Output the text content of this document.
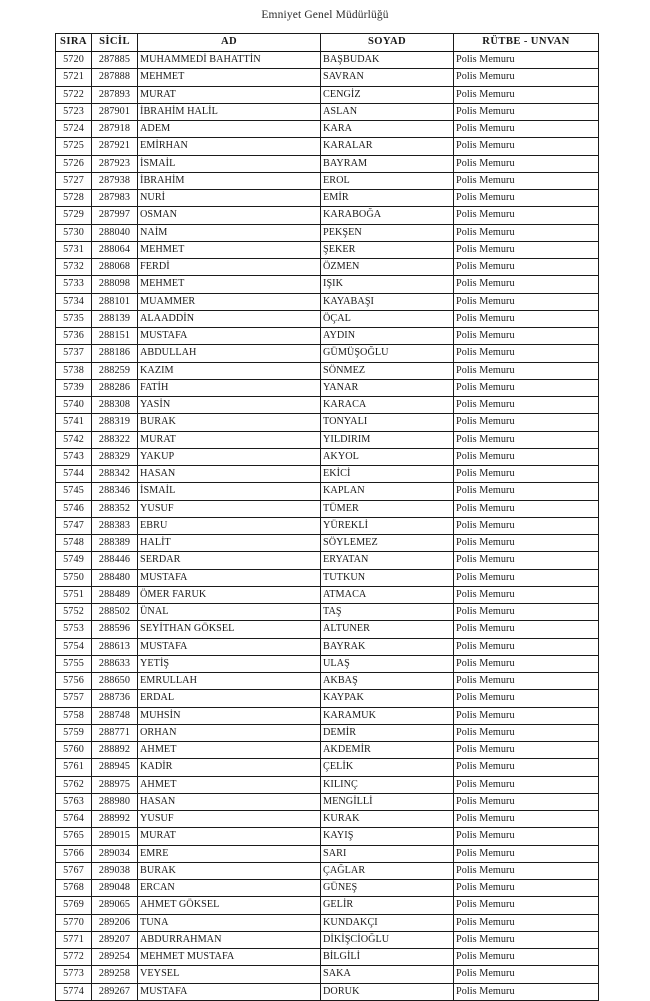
Emniyet Genel Müdürlüğü
SIRA	SİCİL	AD	SOYAD	RÜTBE - UNVAN
5720	287885	MUHAMMEDİ BAHATTİN	BAŞBUDAK	Polis Memuru
5721	287888	MEHMET	SAVRAN	Polis Memuru
5722	287893	MURAT	CENGİZ	Polis Memuru
5723	287901	İBRAHİM HALİL	ASLAN	Polis Memuru
5724	287918	ADEM	KARA	Polis Memuru
5725	287921	EMİRHAN	KARALAR	Polis Memuru
5726	287923	İSMAİL	BAYRAM	Polis Memuru
5727	287938	İBRAHİM	EROL	Polis Memuru
5728	287983	NURİ	EMİR	Polis Memuru
5729	287997	OSMAN	KARABOĞA	Polis Memuru
5730	288040	NAİM	PEKŞEN	Polis Memuru
5731	288064	MEHMET	ŞEKER	Polis Memuru
5732	288068	FERDİ	ÖZMEN	Polis Memuru
5733	288098	MEHMET	IŞIK	Polis Memuru
5734	288101	MUAMMER	KAYABAŞI	Polis Memuru
5735	288139	ALAADDİN	ÖÇAL	Polis Memuru
5736	288151	MUSTAFA	AYDIN	Polis Memuru
5737	288186	ABDULLAH	GÜMÜŞOĞLU	Polis Memuru
5738	288259	KAZIM	SÖNMEZ	Polis Memuru
5739	288286	FATİH	YANAR	Polis Memuru
5740	288308	YASİN	KARACA	Polis Memuru
5741	288319	BURAK	TONYALI	Polis Memuru
5742	288322	MURAT	YILDIRIM	Polis Memuru
5743	288329	YAKUP	AKYOL	Polis Memuru
5744	288342	HASAN	EKİCİ	Polis Memuru
5745	288346	İSMAİL	KAPLAN	Polis Memuru
5746	288352	YUSUF	TÜMER	Polis Memuru
5747	288383	EBRU	YÜREKLİ	Polis Memuru
5748	288389	HALİT	SÖYLEMEZ	Polis Memuru
5749	288446	SERDAR	ERYATAN	Polis Memuru
5750	288480	MUSTAFA	TUTKUN	Polis Memuru
5751	288489	ÖMER FARUK	ATMACA	Polis Memuru
5752	288502	ÜNAL	TAŞ	Polis Memuru
5753	288596	SEYİTHAN GÖKSEL	ALTUNER	Polis Memuru
5754	288613	MUSTAFA	BAYRAK	Polis Memuru
5755	288633	YETİŞ	ULAŞ	Polis Memuru
5756	288650	EMRULLAH	AKBAŞ	Polis Memuru
5757	288736	ERDAL	KAYPAK	Polis Memuru
5758	288748	MUHSİN	KARAMUK	Polis Memuru
5759	288771	ORHAN	DEMİR	Polis Memuru
5760	288892	AHMET	AKDEMİR	Polis Memuru
5761	288945	KADİR	ÇELİK	Polis Memuru
5762	288975	AHMET	KILINÇ	Polis Memuru
5763	288980	HASAN	MENGİLLİ	Polis Memuru
5764	288992	YUSUF	KURAK	Polis Memuru
5765	289015	MURAT	KAYIŞ	Polis Memuru
5766	289034	EMRE	SARI	Polis Memuru
5767	289038	BURAK	ÇAĞLAR	Polis Memuru
5768	289048	ERCAN	GÜNEŞ	Polis Memuru
5769	289065	AHMET GÖKSEL	GELİR	Polis Memuru
5770	289206	TUNA	KUNDAKÇI	Polis Memuru
5771	289207	ABDURRAHMAN	DİKİŞCİOĞLU	Polis Memuru
5772	289254	MEHMET MUSTAFA	BİLGİLİ	Polis Memuru
5773	289258	VEYSEL	SAKA	Polis Memuru
5774	289267	MUSTAFA	DORUK	Polis Memuru
